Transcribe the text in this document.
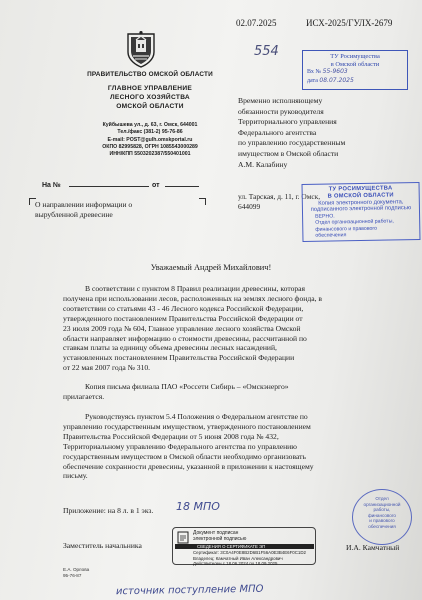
02.07.2025	ИСХ-2025/ГУЛХ-2679
ПРАВИТЕЛЬСТВО ОМСКОЙ ОБЛАСТИ
ГЛАВНОЕ УПРАВЛЕНИЕ
ЛЕСНОГО ХОЗЯЙСТВА
ОМСКОЙ ОБЛАСТИ
Куйбышева ул., д. 63, г. Омск, 644001
Тел./факс (381-2) 95-76-86
E-mail: POST@gulh.omskportal.ru
ОКПО 82995828, ОГРН 1085543000289
ИНН/КПП 5503202387/550401001
На №	от
О направлении информации о
вырубленной древесине
554	ТУ Росимущества
в Омской области
Вх № 55-9603
дата 08.07.2025
Временно исполняющему
обязанности руководителя
Территориального управления
Федерального агентства
по управлению государственным
имуществом в Омской области
А.М. Калабину
ул. Тарская, д. 11, г. Омск,
644099
ТУ РОСИМУЩЕСТВА
В ОМСКОЙ ОБЛАСТИ
Копия электронного документа,
подписанного электронной подписью
ВЕРНО.
Отдел организационной работы,
финансового и правового
обеспечения
Уважаемый Андрей Михайлович!
В соответствии с пунктом 8 Правил реализации древесины, которая
получена при использовании лесов, расположенных на землях лесного фонда, в
соответствии со статьями 43 - 46 Лесного кодекса Российской Федерации,
утвержденного постановлением Правительства Российской Федерации от
23 июля 2009 года № 604, Главное управление лесного хозяйства Омской
области направляет информацию о стоимости древесины, рассчитанной по
ставкам платы за единицу объема древесины лесных насаждений,
установленных постановлением Правительства Российской Федерации
от 22 мая 2007 года № 310.
Копия письма филиала ПАО «Россети Сибирь – «Омскэнерго»
прилагается.
Руководствуясь пунктом 5.4 Положения о Федеральном агентстве по
управлению государственным имуществом, утвержденного постановлением
Правительства Российской Федерации от 5 июня 2008 года № 432,
Территориальному управлению Федерального агентства по управлению
государственным имуществом в Омской области необходимо организовать
обеспечение сохранности древесины, указанной в приложении к настоящему
письму.
Приложение: на 8 л. в 1 экз. 18 МПО
Отдел
организационной
работы,
финансового
и правового
обеспечения
Заместитель начальника
Документ подписан
электронной подписью
СВЕДЕНИЯ О СЕРТИФИКАТЕ ЭП
Сертификат: 3C0A4F0E8B2D6B1F56A0E3B4E6F0C1D2
Владелец: Камчатный Иван Александрович
Действителен с 18.06.2024 по 18.09.2025
И.А. Камчатный
Е.А. Орлова
95-76-87
источник поступление МПО
